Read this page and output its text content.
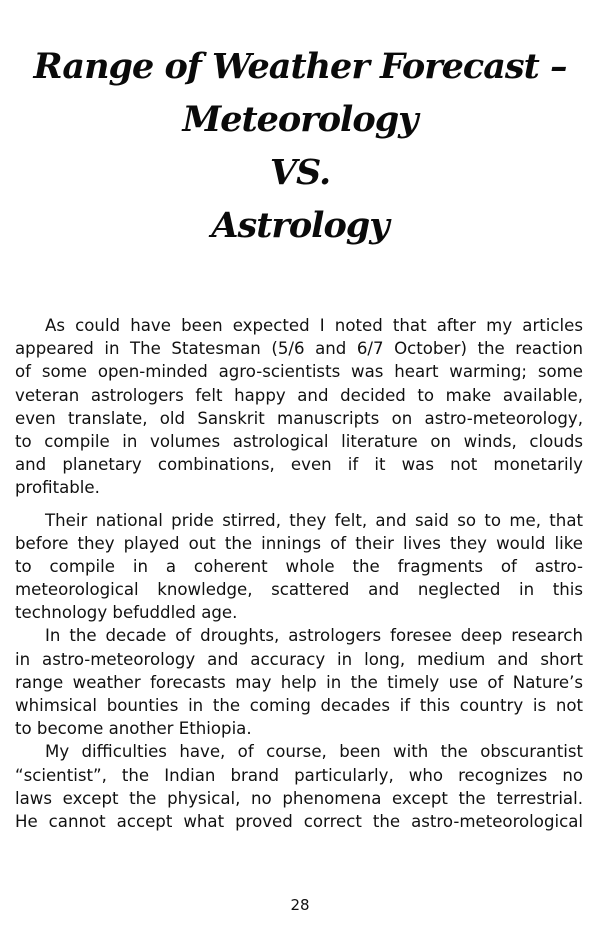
Range of Weather Forecast –
Meteorology
VS.
Astrology
As could have been expected I noted that after my articles
appeared in The Statesman (5/6 and 6/7 October) the reaction
of some open-minded agro-scientists was heart warming; some
veteran astrologers felt happy and decided to make available,
even translate, old Sanskrit manuscripts on astro-meteorology,
to compile in volumes astrological literature on winds, clouds
and planetary combinations, even if it was not monetarily
profitable.
Their national pride stirred, they felt, and said so to me, that
before they played out the innings of their lives they would like
to compile in a coherent whole the fragments of astro-
meteorological knowledge, scattered and neglected in this
technology befuddled age.
In the decade of droughts, astrologers foresee deep research
in astro-meteorology and accuracy in long, medium and short
range weather forecasts may help in the timely use of Nature’s
whimsical bounties in the coming decades if this country is not
to become another Ethiopia.
My difficulties have, of course, been with the obscurantist
“scientist”, the Indian brand particularly, who recognizes no
laws except the physical, no phenomena except the terrestrial.
He cannot accept what proved correct the astro-meteorological
28
